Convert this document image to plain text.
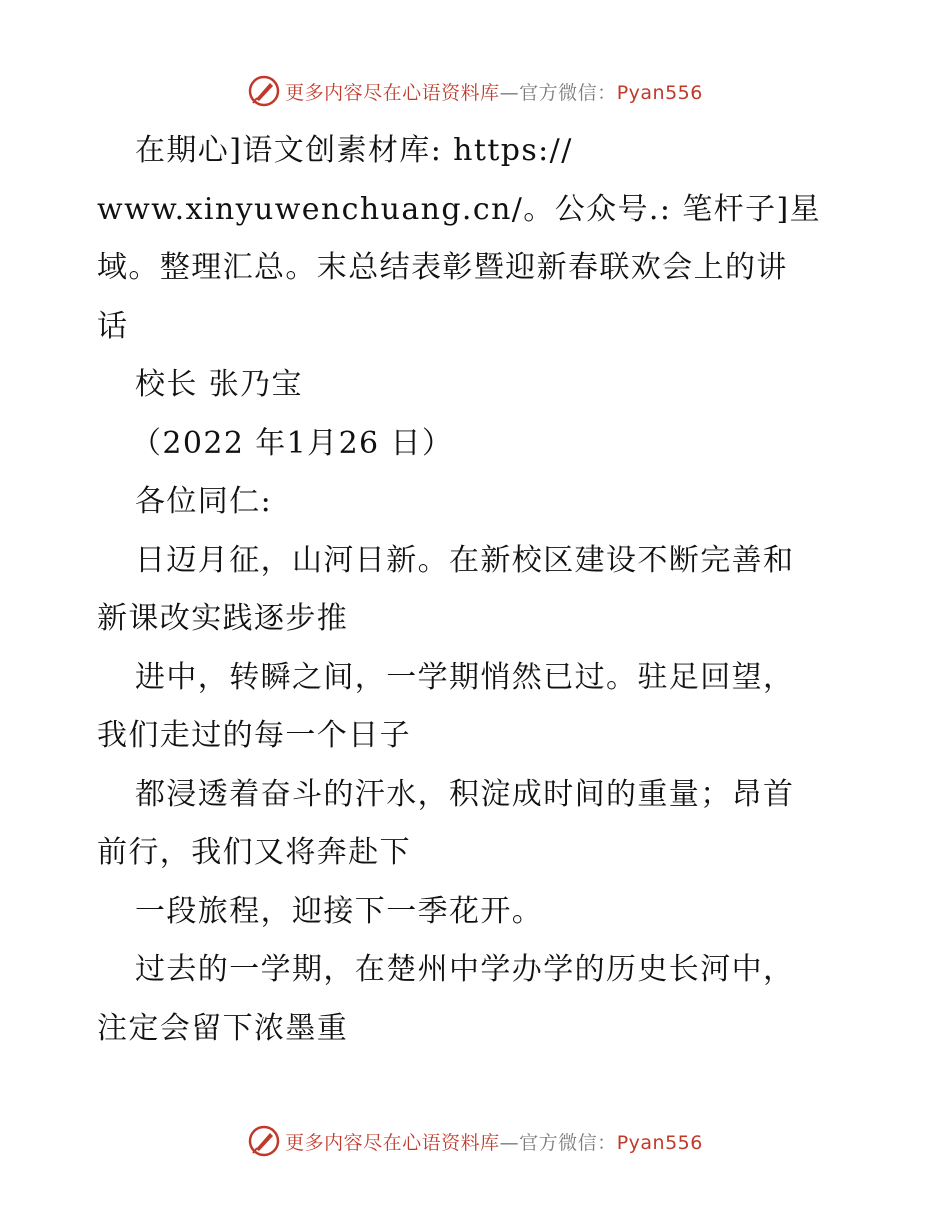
更多内容尽在心语资料库—官方微信：Pyan556
在期心]语文创素材库: https://
www.xinyuwenchuang.cn/。公众号.: 笔杆子]星
域。整理汇总。末总结表彰暨迎新春联欢会上的讲
话
校长 张乃宝
（2022 年1月26 日）
各位同仁:
日迈月征，山河日新。在新校区建设不断完善和
新课改实践逐步推
进中，转瞬之间，一学期悄然已过。驻足回望，
我们走过的每一个日子
都浸透着奋斗的汗水，积淀成时间的重量；昂首
前行，我们又将奔赴下
一段旅程，迎接下一季花开。
过去的一学期，在楚州中学办学的历史长河中，
注定会留下浓墨重
更多内容尽在心语资料库—官方微信：Pyan556
